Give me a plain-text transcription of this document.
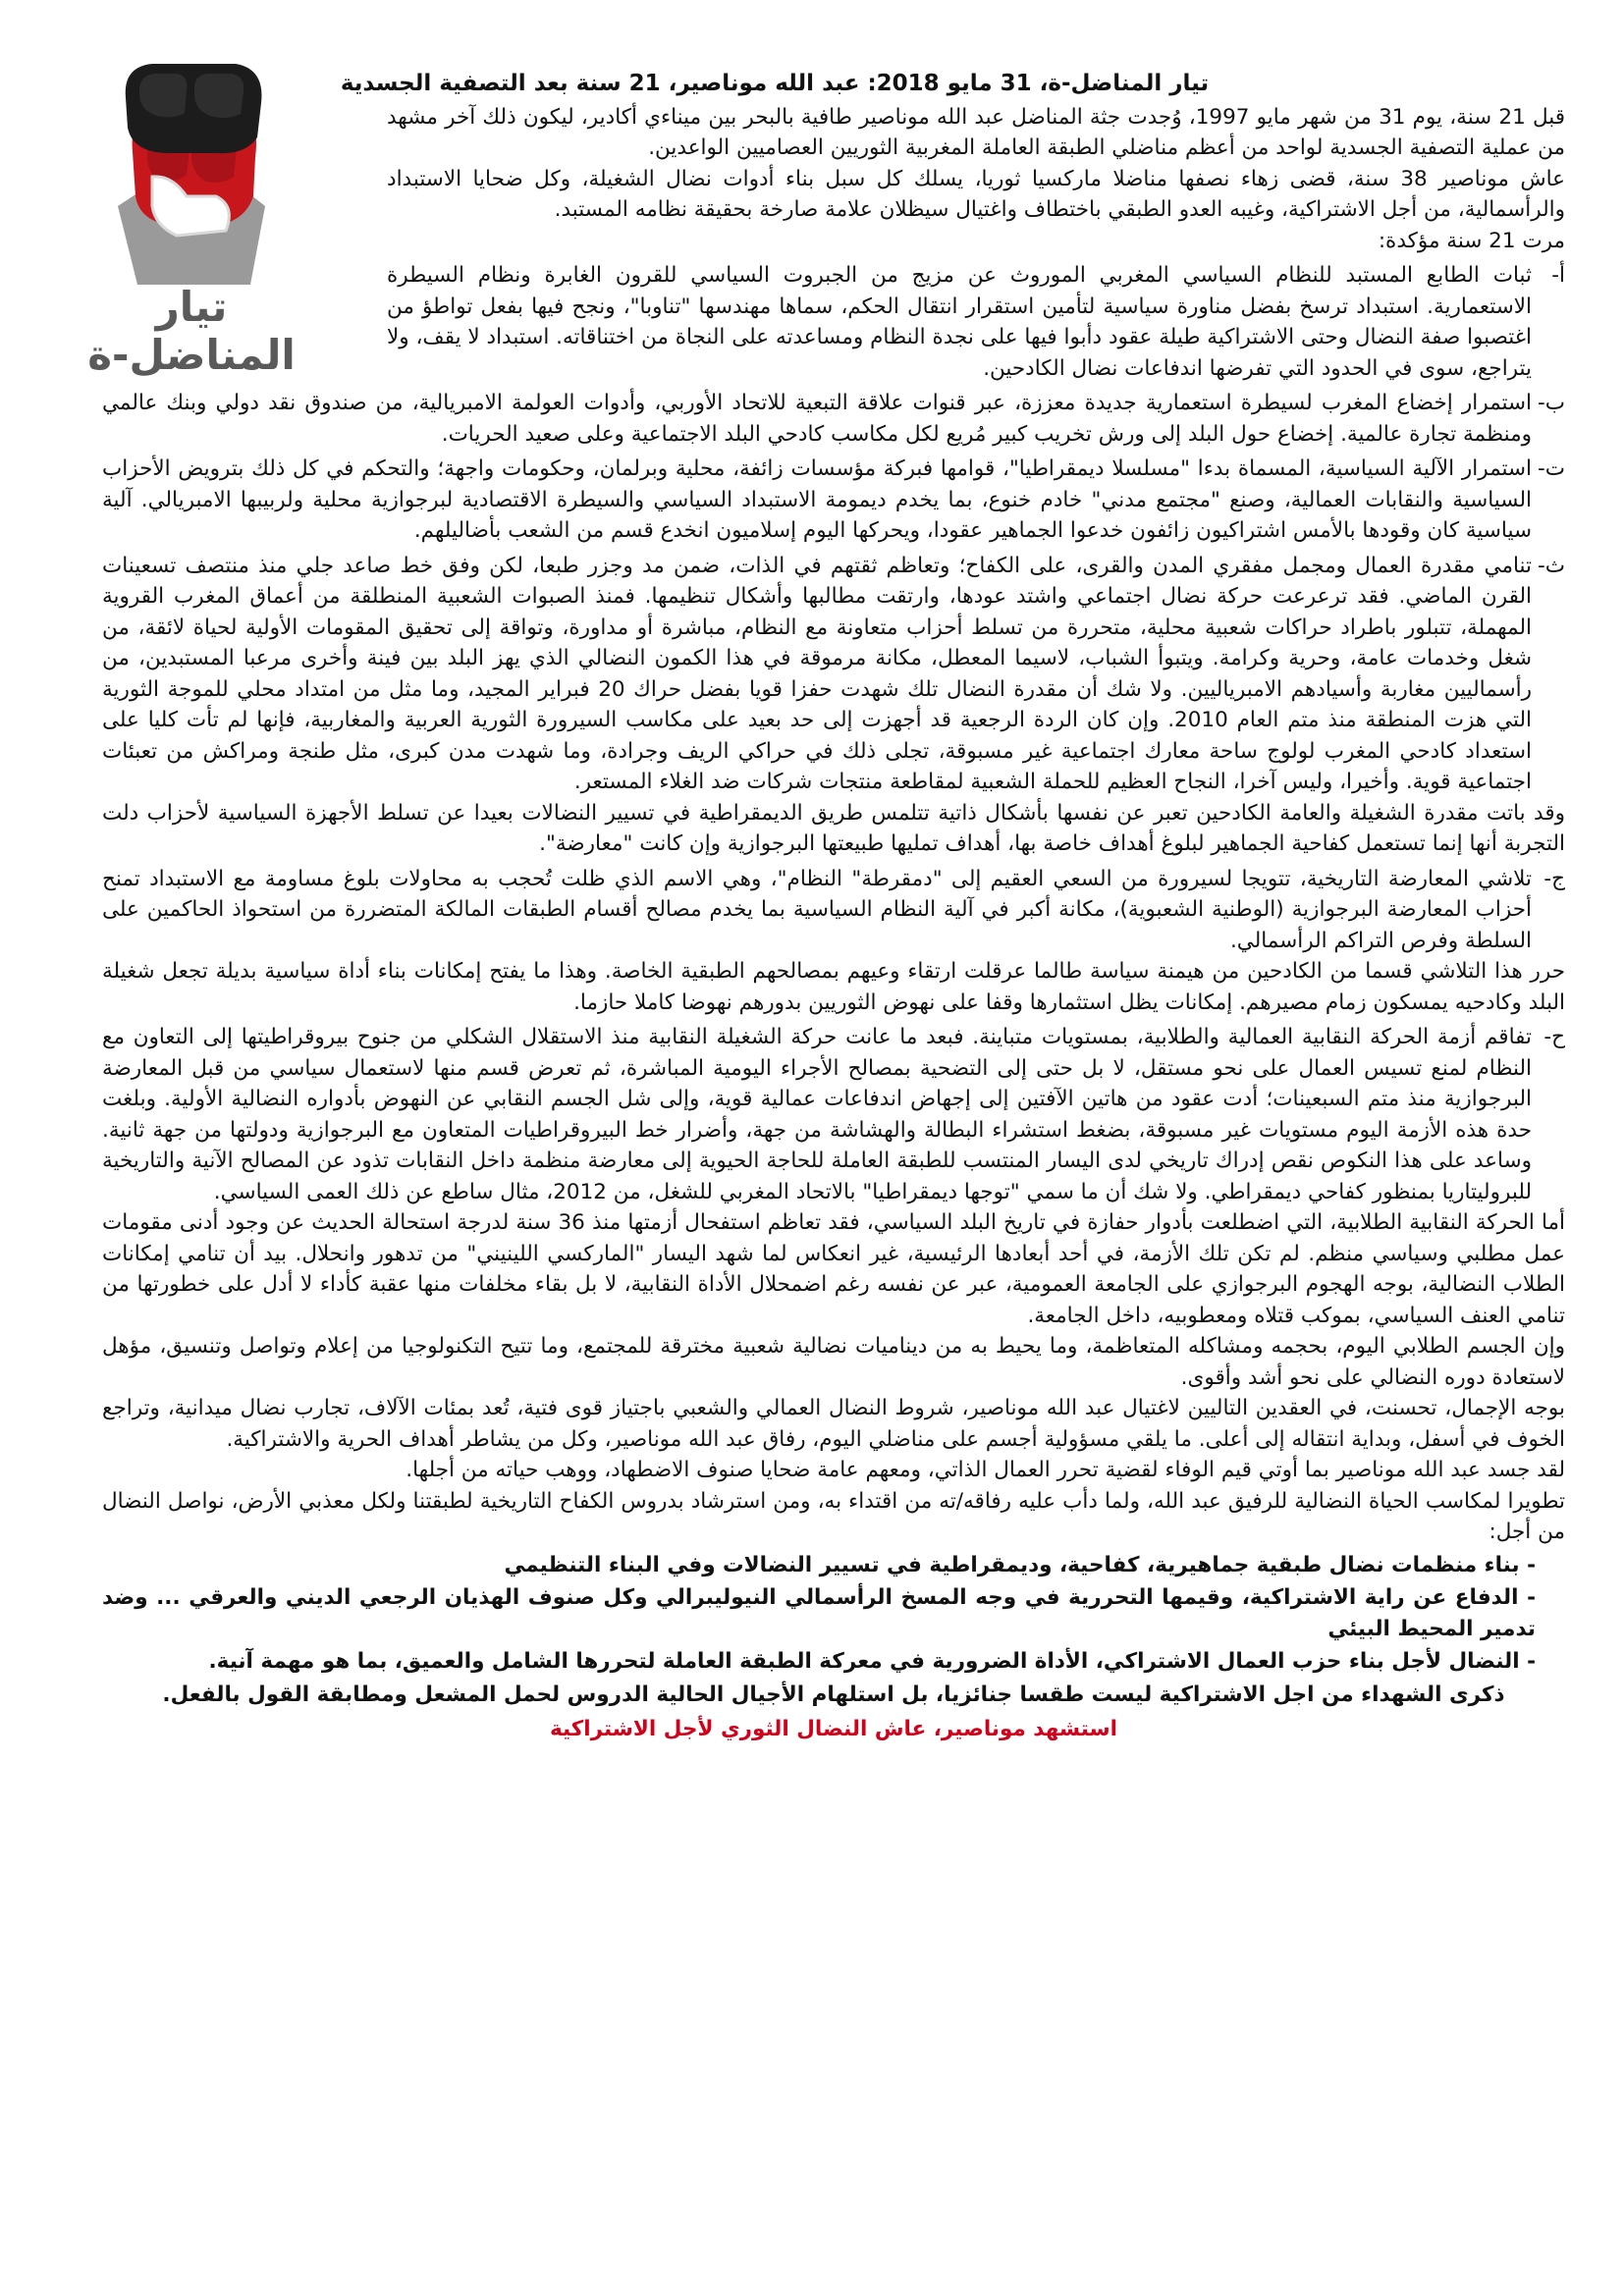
تيار المناضل-ة

تيار المناضل-ة، 31 مايو 2018: عبد الله موناصير، 21 سنة بعد التصفية الجسدية

قبل 21 سنة، يوم 31 من شهر مايو 1997، وُجدت جثة المناضل عبد الله موناصير طافية بالبحر بين ميناءي أكادير، ليكون ذلك آخر مشهد من عملية التصفية الجسدية لواحد من أعظم مناضلي الطبقة العاملة المغربية الثوريين العصاميين الواعدين.

عاش موناصير 38 سنة، قضى زهاء نصفها مناضلا ماركسيا ثوريا، يسلك كل سبل بناء أدوات نضال الشغيلة، وكل ضحايا الاستبداد والرأسمالية، من أجل الاشتراكية، وغيبه العدو الطبقي باختطاف واغتيال سيظلان علامة صارخة بحقيقة نظامه المستبد.

مرت 21 سنة مؤكدة:

أ-
ثبات الطابع المستبد للنظام السياسي المغربي الموروث عن مزيج من الجبروت السياسي للقرون الغابرة ونظام السيطرة الاستعمارية. استبداد ترسخ بفضل مناورة سياسية لتأمين استقرار انتقال الحكم، سماها مهندسها "تناوبا"، ونجح فيها بفعل تواطؤ من اغتصبوا صفة النضال وحتى الاشتراكية طيلة عقود دأبوا فيها على نجدة النظام ومساعدته على النجاة من اختناقاته. استبداد لا يقف، ولا يتراجع، سوى في الحدود التي تفرضها اندفاعات نضال الكادحين.
ب-
استمرار إخضاع المغرب لسيطرة استعمارية جديدة معززة، عبر قنوات علاقة التبعية للاتحاد الأوربي، وأدوات العولمة الامبريالية، من صندوق نقد دولي وبنك عالمي ومنظمة تجارة عالمية. إخضاع حول البلد إلى ورش تخريب كبير مُريع لكل مكاسب كادحي البلد الاجتماعية وعلى صعيد الحريات.
ت-
استمرار الآلية السياسية، المسماة بدءا "مسلسلا ديمقراطيا"، قوامها فبركة مؤسسات زائفة، محلية وبرلمان، وحكومات واجهة؛ والتحكم في كل ذلك بترويض الأحزاب السياسية والنقابات العمالية، وصنع "مجتمع مدني" خادم خنوع، بما يخدم ديمومة الاستبداد السياسي والسيطرة الاقتصادية لبرجوازية محلية ولربيبها الامبريالي. آلية سياسية كان وقودها بالأمس اشتراكيون زائفون خدعوا الجماهير عقودا، ويحركها اليوم إسلاميون انخدع قسم من الشعب بأضاليلهم.
ث-
تنامي مقدرة العمال ومجمل مفقري المدن والقرى، على الكفاح؛ وتعاظم ثقتهم في الذات، ضمن مد وجزر طبعا، لكن وفق خط صاعد جلي منذ منتصف تسعينات القرن الماضي. فقد ترعرعت حركة نضال اجتماعي واشتد عودها، وارتقت مطالبها وأشكال تنظيمها. فمنذ الصبوات الشعبية المنطلقة من أعماق المغرب القروية المهملة، تتبلور باطراد حراكات شعبية محلية، متحررة من تسلط أحزاب متعاونة مع النظام، مباشرة أو مداورة، وتواقة إلى تحقيق المقومات الأولية لحياة لائقة، من شغل وخدمات عامة، وحرية وكرامة. ويتبوأ الشباب، لاسيما المعطل، مكانة مرموقة في هذا الكمون النضالي الذي يهز البلد بين فينة وأخرى مرعبا المستبدين، من رأسماليين مغاربة وأسيادهم الامبرياليين. ولا شك أن مقدرة النضال تلك شهدت حفزا قويا بفضل حراك 20 فبراير المجيد، وما مثل من امتداد محلي للموجة الثورية التي هزت المنطقة منذ متم العام 2010. وإن كان الردة الرجعية قد أجهزت إلى حد بعيد على مكاسب السيرورة الثورية العربية والمغاربية، فإنها لم تأت كليا على استعداد كادحي المغرب لولوج ساحة معارك اجتماعية غير مسبوقة، تجلى ذلك في حراكي الريف وجرادة، وما شهدت مدن كبرى، مثل طنجة ومراكش من تعبئات اجتماعية قوية. وأخيرا، وليس آخرا، النجاح العظيم للحملة الشعبية لمقاطعة منتجات شركات ضد الغلاء المستعر.

وقد باتت مقدرة الشغيلة والعامة الكادحين تعبر عن نفسها بأشكال ذاتية تتلمس طريق الديمقراطية في تسيير النضالات بعيدا عن تسلط الأجهزة السياسية لأحزاب دلت التجربة أنها إنما تستعمل كفاحية الجماهير لبلوغ أهداف خاصة بها، أهداف تمليها طبيعتها البرجوازية وإن كانت "معارضة".

ج-
تلاشي المعارضة التاريخية، تتويجا لسيرورة من السعي العقيم إلى "دمقرطة" النظام"، وهي الاسم الذي ظلت تُحجب به محاولات بلوغ مساومة مع الاستبداد تمنح أحزاب المعارضة البرجوازية (الوطنية الشعبوية)، مكانة أكبر في آلية النظام السياسية بما يخدم مصالح أقسام الطبقات المالكة المتضررة من استحواذ الحاكمين على السلطة وفرص التراكم الرأسمالي.

حرر هذا التلاشي قسما من الكادحين من هيمنة سياسة طالما عرقلت ارتقاء وعيهم بمصالحهم الطبقية الخاصة. وهذا ما يفتح إمكانات بناء أداة سياسية بديلة تجعل شغيلة البلد وكادحيه يمسكون زمام مصيرهم. إمكانات يظل استثمارها وقفا على نهوض الثوريين بدورهم نهوضا كاملا حازما.

ح-
تفاقم أزمة الحركة النقابية العمالية والطلابية، بمستويات متباينة. فبعد ما عانت حركة الشغيلة النقابية منذ الاستقلال الشكلي من جنوح بيروقراطيتها إلى التعاون مع النظام لمنع تسيس العمال على نحو مستقل، لا بل حتى إلى التضحية بمصالح الأجراء اليومية المباشرة، ثم تعرض قسم منها لاستعمال سياسي من قبل المعارضة البرجوازية منذ متم السبعينات؛ أدت عقود من هاتين الآفتين إلى إجهاض اندفاعات عمالية قوية، وإلى شل الجسم النقابي عن النهوض بأدواره النضالية الأولية. وبلغت حدة هذه الأزمة اليوم مستويات غير مسبوقة، بضغط استشراء البطالة والهشاشة من جهة، وأضرار خط البيروقراطيات المتعاون مع البرجوازية ودولتها من جهة ثانية. وساعد على هذا النكوص نقص إدراك تاريخي لدى اليسار المنتسب للطبقة العاملة للحاجة الحيوية إلى معارضة منظمة داخل النقابات تذود عن المصالح الآنية والتاريخية للبروليتاريا بمنظور كفاحي ديمقراطي. ولا شك أن ما سمي "توجها ديمقراطيا" بالاتحاد المغربي للشغل، من 2012، مثال ساطع عن ذلك العمى السياسي.

أما الحركة النقابية الطلابية، التي اضطلعت بأدوار حفازة في تاريخ البلد السياسي، فقد تعاظم استفحال أزمتها منذ 36 سنة لدرجة استحالة الحديث عن وجود أدنى مقومات عمل مطلبي وسياسي منظم. لم تكن تلك الأزمة، في أحد أبعادها الرئيسية، غير انعكاس لما شهد اليسار "الماركسي اللينيني" من تدهور وانحلال. بيد أن تنامي إمكانات الطلاب النضالية، بوجه الهجوم البرجوازي على الجامعة العمومية، عبر عن نفسه رغم اضمحلال الأداة النقابية، لا بل بقاء مخلفات منها عقبة كأداء لا أدل على خطورتها من تنامي العنف السياسي، بموكب قتلاه ومعطوبيه، داخل الجامعة.

وإن الجسم الطلابي اليوم، بحجمه ومشاكله المتعاظمة، وما يحيط به من ديناميات نضالية شعبية مخترقة للمجتمع، وما تتيح التكنولوجيا من إعلام وتواصل وتنسيق، مؤهل لاستعادة دوره النضالي على نحو أشد وأقوى.

بوجه الإجمال، تحسنت، في العقدين التاليين لاغتيال عبد الله موناصير، شروط النضال العمالي والشعبي باجتياز قوى فتية، تُعد بمئات الآلاف، تجارب نضال ميدانية، وتراجع الخوف في أسفل، وبداية انتقاله إلى أعلى. ما يلقي مسؤولية أجسم على مناضلي اليوم، رفاق عبد الله موناصير، وكل من يشاطر أهداف الحرية والاشتراكية.

لقد جسد عبد الله موناصير بما أوتي قيم الوفاء لقضية تحرر العمال الذاتي، ومعهم عامة ضحايا صنوف الاضطهاد، ووهب حياته من أجلها.

تطويرا لمكاسب الحياة النضالية للرفيق عبد الله، ولما دأب عليه رفاقه/ته من اقتداء به، ومن استرشاد بدروس الكفاح التاريخية لطبقتنا ولكل معذبي الأرض، نواصل النضال من أجل:

- بناء منظمات نضال طبقية جماهيرية، كفاحية، وديمقراطية في تسيير النضالات وفي البناء التنظيمي

- الدفاع عن راية الاشتراكية، وقيمها التحررية في وجه المسخ الرأسمالي النيوليبرالي وكل صنوف الهذيان الرجعي الديني والعرقي ... وضد تدمير المحيط البيئي

- النضال لأجل بناء حزب العمال الاشتراكي، الأداة الضرورية في معركة الطبقة العاملة لتحررها الشامل والعميق، بما هو مهمة آنية.

ذكرى الشهداء من اجل الاشتراكية ليست طقسا جنائزيا، بل استلهام الأجيال الحالية الدروس لحمل المشعل ومطابقة القول بالفعل.

استشهد موناصير، عاش النضال الثوري لأجل الاشتراكية
